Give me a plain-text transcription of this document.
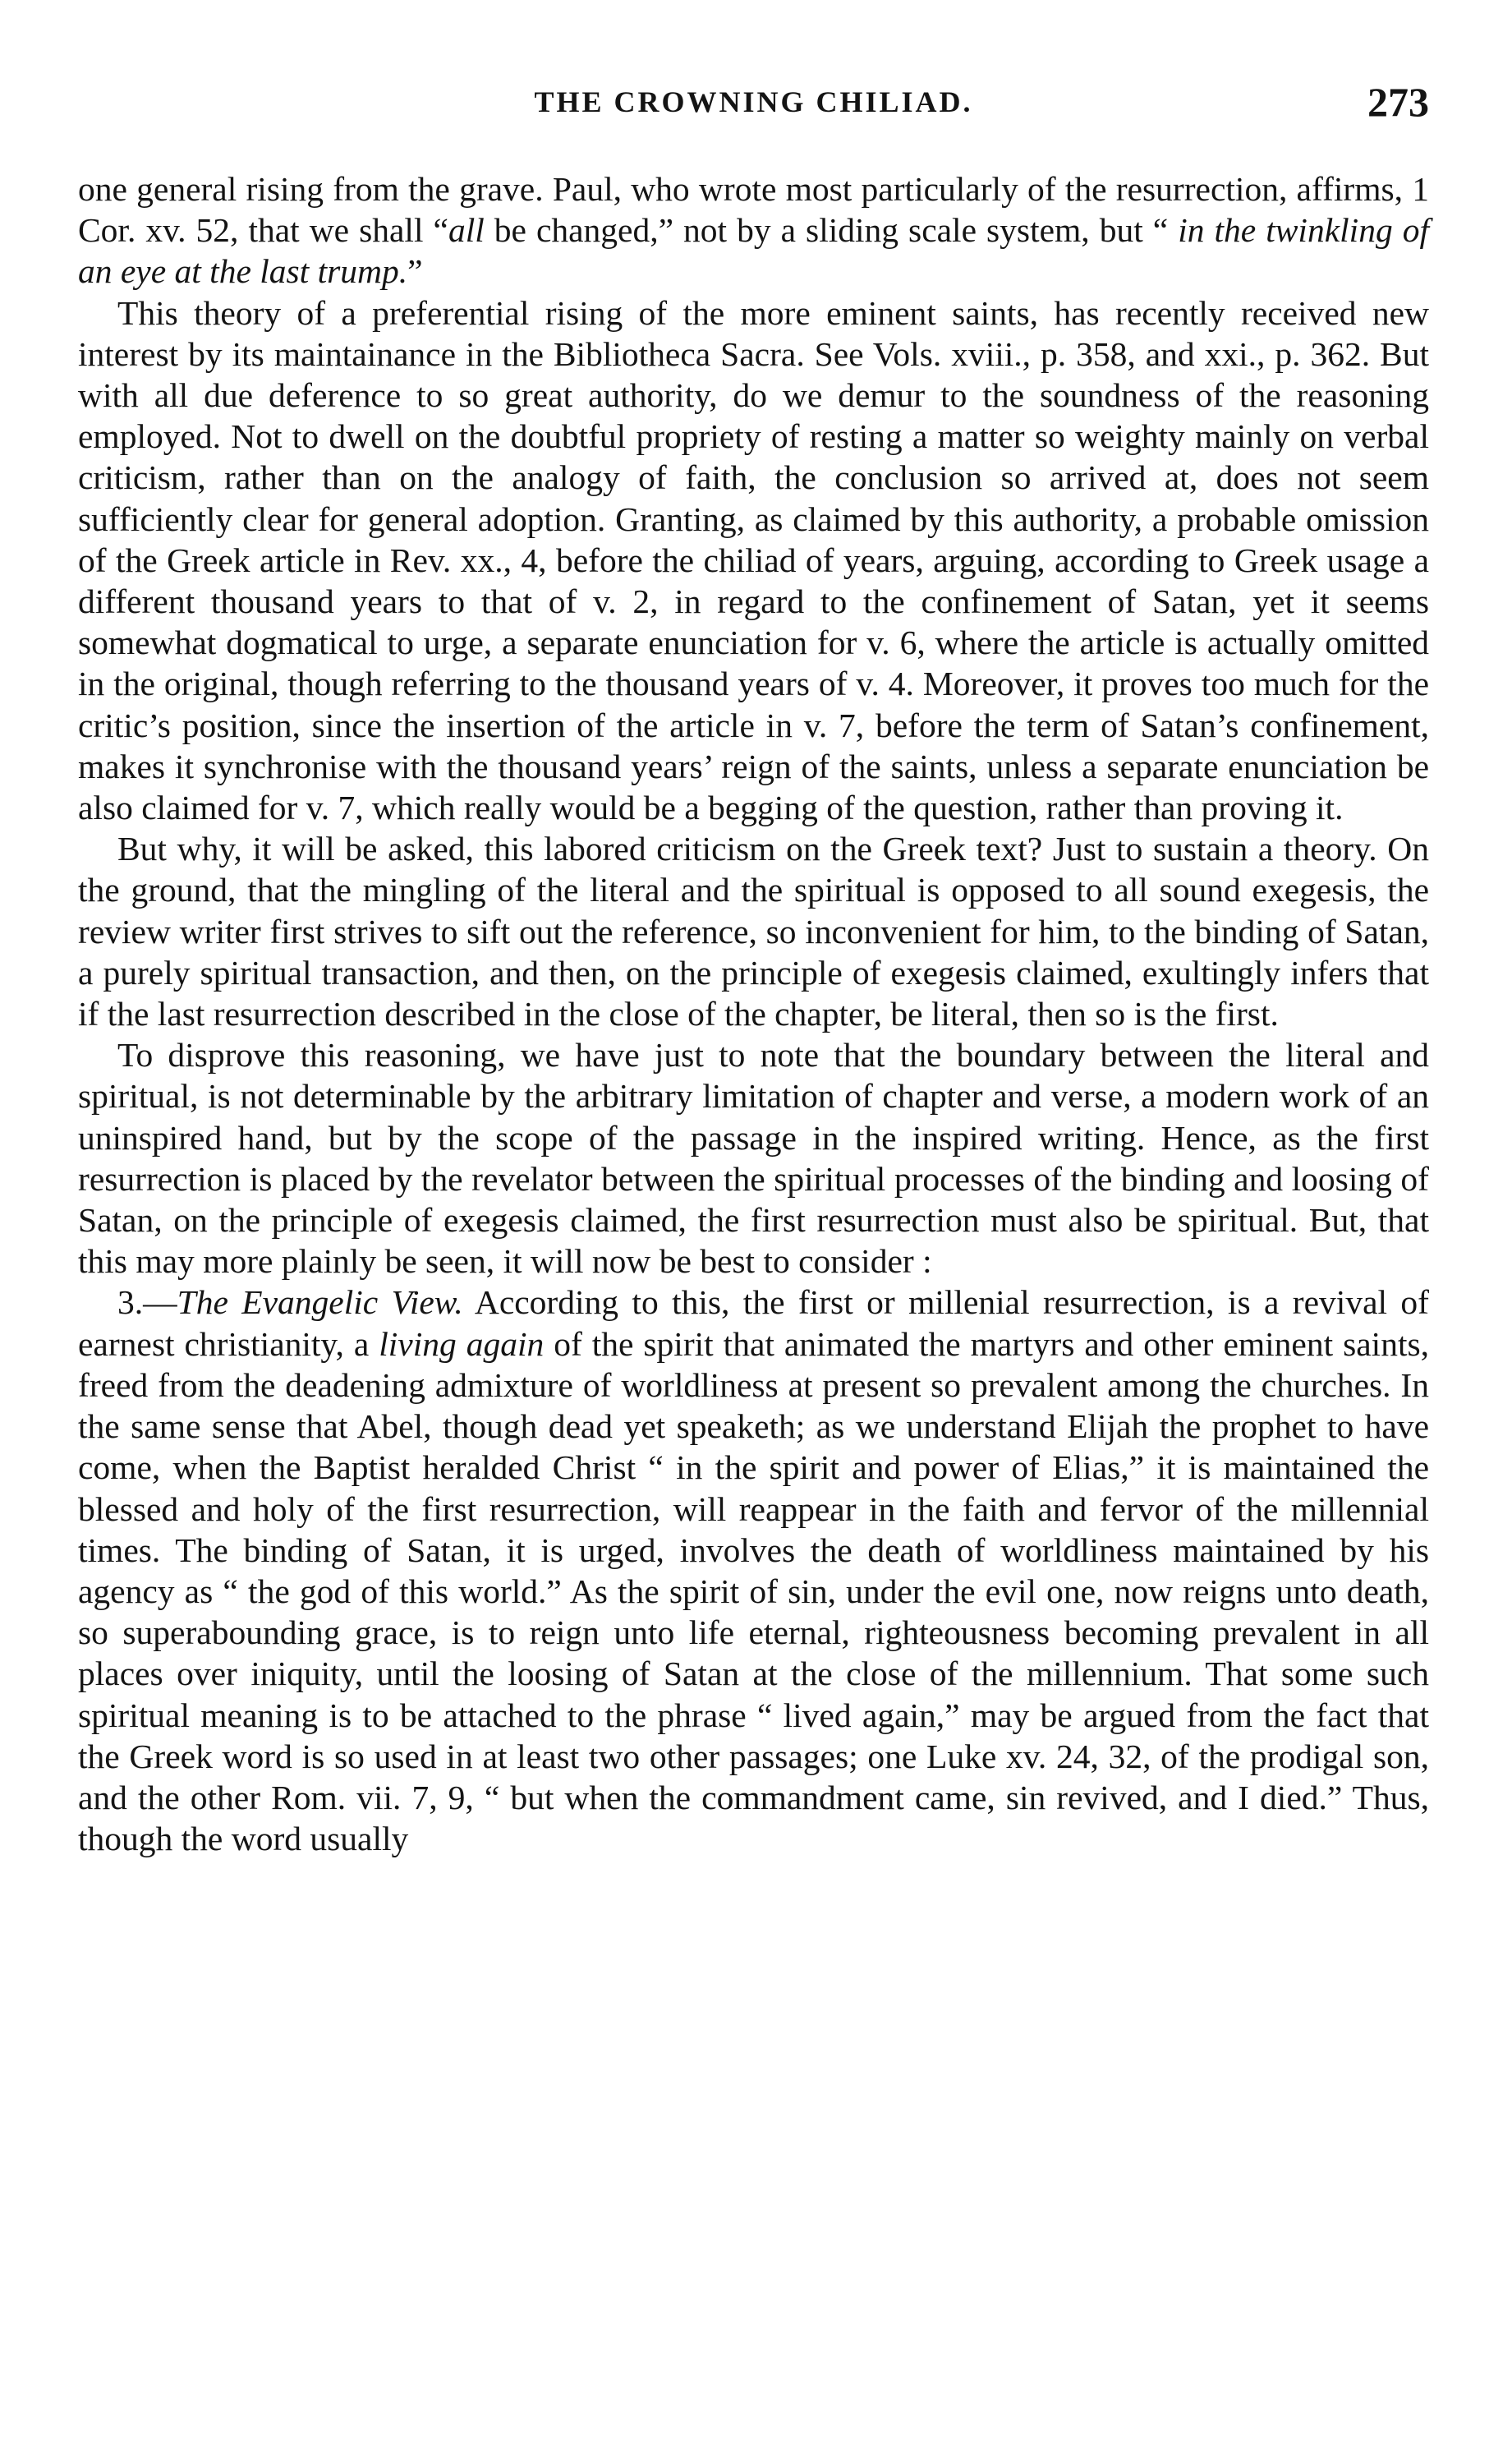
THE CROWNING CHILIAD.	273

one general rising from the grave. Paul, who wrote most particularly of the resurrection, affirms, 1 Cor. xv. 52, that we shall “all be changed,” not by a sliding scale system, but “ in the twinkling of an eye at the last trump.”

This theory of a preferential rising of the more eminent saints, has recently received new interest by its maintainance in the Bibliotheca Sacra. See Vols. xviii., p. 358, and xxi., p. 362. But with all due deference to so great authority, do we demur to the soundness of the reasoning employed. Not to dwell on the doubtful propriety of resting a matter so weighty mainly on verbal criticism, rather than on the analogy of faith, the conclusion so arrived at, does not seem sufficiently clear for general adoption. Granting, as claimed by this authority, a probable omission of the Greek article in Rev. xx., 4, before the chiliad of years, arguing, according to Greek usage a different thousand years to that of v. 2, in regard to the confinement of Satan, yet it seems somewhat dogmatical to urge, a separate enunciation for v. 6, where the article is actually omitted in the original, though referring to the thousand years of v. 4. Moreover, it proves too much for the critic’s position, since the insertion of the article in v. 7, before the term of Satan’s confinement, makes it synchronise with the thousand years’ reign of the saints, unless a separate enunciation be also claimed for v. 7, which really would be a begging of the question, rather than proving it.

But why, it will be asked, this labored criticism on the Greek text? Just to sustain a theory. On the ground, that the mingling of the literal and the spiritual is opposed to all sound exegesis, the review writer first strives to sift out the reference, so inconvenient for him, to the binding of Satan, a purely spiritual transaction, and then, on the principle of exegesis claimed, exultingly infers that if the last resurrection described in the close of the chapter, be literal, then so is the first.

To disprove this reasoning, we have just to note that the boundary between the literal and spiritual, is not determinable by the arbitrary limitation of chapter and verse, a modern work of an uninspired hand, but by the scope of the passage in the inspired writing. Hence, as the first resurrection is placed by the revelator between the spiritual processes of the binding and loosing of Satan, on the principle of exegesis claimed, the first resurrection must also be spiritual. But, that this may more plainly be seen, it will now be best to consider :

3.—The Evangelic View. According to this, the first or millenial resurrection, is a revival of earnest christianity, a living again of the spirit that animated the martyrs and other eminent saints, freed from the deadening admixture of worldliness at present so prevalent among the churches. In the same sense that Abel, though dead yet speaketh; as we understand Elijah the prophet to have come, when the Baptist heralded Christ “ in the spirit and power of Elias,” it is maintained the blessed and holy of the first resurrection, will reappear in the faith and fervor of the millennial times. The binding of Satan, it is urged, involves the death of worldliness maintained by his agency as “ the god of this world.” As the spirit of sin, under the evil one, now reigns unto death, so superabounding grace, is to reign unto life eternal, righteousness becoming prevalent in all places over iniquity, until the loosing of Satan at the close of the millennium. That some such spiritual meaning is to be attached to the phrase “ lived again,” may be argued from the fact that the Greek word is so used in at least two other passages; one Luke xv. 24, 32, of the prodigal son, and the other Rom. vii. 7, 9, “ but when the commandment came, sin revived, and I died.” Thus, though the word usually
